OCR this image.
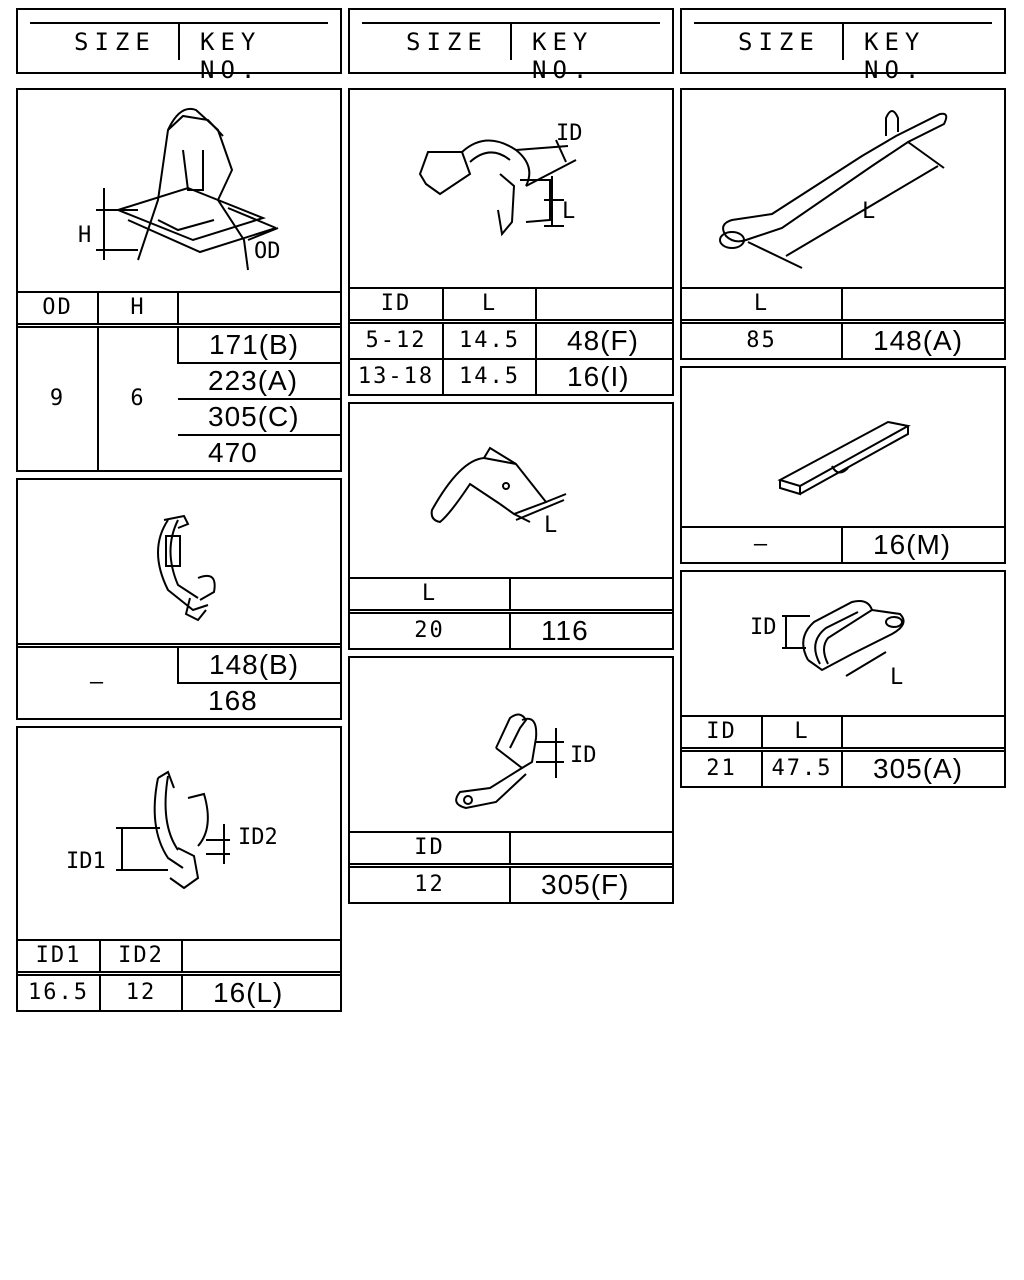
SIZE KEY NO.
SIZE KEY NO.
SIZE KEY NO.
H
OD
OD	H	
9	6	171(B)
		223(A)
		305(C)
		470
–	148(B)
168
ID1
ID2
ID1	ID2	
16.5	12	16(L)
ID
L
ID	L	
5-12	14.5	48(F)
13-18	14.5	16(I)
L
L	
20	116
ID
ID	
12	305(F)
L
L	
85	148(A)
–	16(M)
ID
L
ID	L	
21	47.5	305(A)
